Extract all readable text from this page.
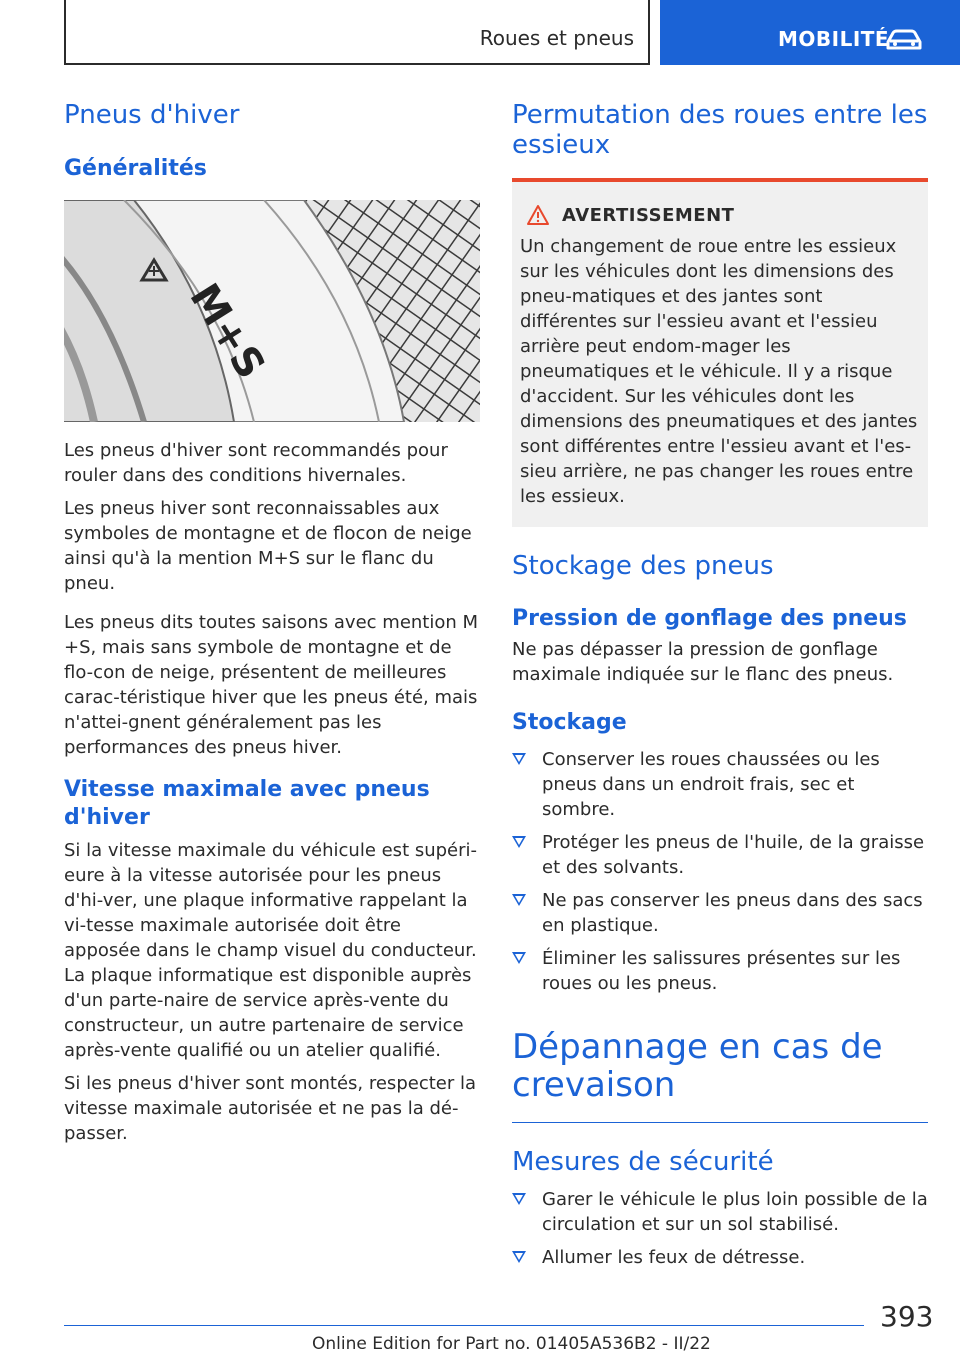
Roues et pneus	MOBILITÉ
Pneus d'hiver
Généralités
M+S

Les pneus d'hiver sont recommandés pour rouler dans des conditions hivernales.

Les pneus hiver sont reconnaissables aux symboles de montagne et de flocon de neige ainsi qu'à la mention M+S sur le flanc du pneu.

Les pneus dits toutes saisons avec mention M +S, mais sans symbole de montagne et de flo-con de neige, présentent de meilleures carac-téristique hiver que les pneus été, mais n'attei-gnent généralement pas les performances des pneus hiver.

Vitesse maximale avec pneus d'hiver

Si la vitesse maximale du véhicule est supéri-eure à la vitesse autorisée pour les pneus d'hi-ver, une plaque informative rappelant la vi-tesse maximale autorisée doit être apposée dans le champ visuel du conducteur. La plaque informatique est disponible auprès d'un parte-naire de service après-vente du constructeur, un autre partenaire de service après-vente qualifié ou un atelier qualifié.

Si les pneus d'hiver sont montés, respecter la vitesse maximale autorisée et ne pas la dé-passer.

Permutation des roues entre les essieux
AVERTISSEMENT

Un changement de roue entre les essieux sur les véhicules dont les dimensions des pneu-matiques et des jantes sont différentes sur l'essieu avant et l'essieu arrière peut endom-mager les pneumatiques et le véhicule. Il y a risque d'accident. Sur les véhicules dont les dimensions des pneumatiques et des jantes sont différentes entre l'essieu avant et l'es-sieu arrière, ne pas changer les roues entre les essieux.

Stockage des pneus
Pression de gonflage des pneus

Ne pas dépasser la pression de gonflage maximale indiquée sur le flanc des pneus.

Stockage
Conserver les roues chaussées ou les pneus dans un endroit frais, sec et sombre.
Protéger les pneus de l'huile, de la graisse et des solvants.
Ne pas conserver les pneus dans des sacs en plastique.
Éliminer les salissures présentes sur les roues ou les pneus.
Dépannage en cas de crevaison
Mesures de sécurité
Garer le véhicule le plus loin possible de la circulation et sur un sol stabilisé.
Allumer les feux de détresse.
393
Online Edition for Part no. 01405A536B2 - II/22
